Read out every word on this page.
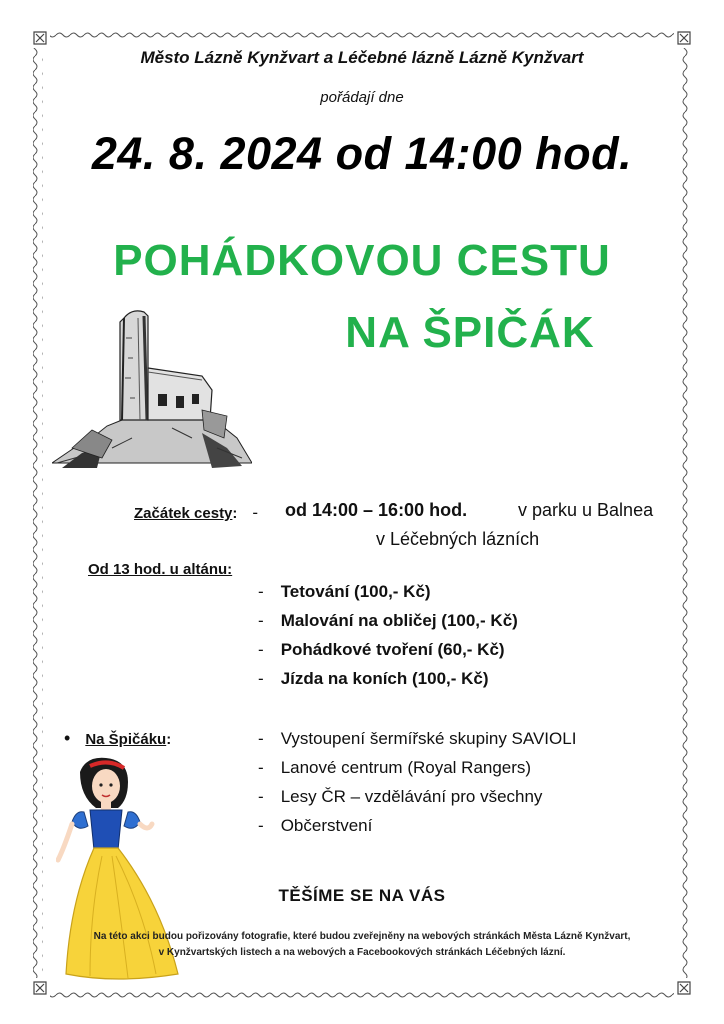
Město Lázně Kynžvart a Léčebné lázně Lázně Kynžvart
pořádají dne
24. 8. 2024 od 14:00 hod.
POHÁDKOVOU CESTU
NA ŠPIČÁK
Začátek cesty: - od 14:00 – 16:00 hod.	v parku u Balnea
v Léčebných lázních
Od 13 hod. u altánu:
- Tetování (100,- Kč)
- Malování na obličej (100,- Kč)
- Pohádkové tvoření (60,- Kč)
- Jízda na koních (100,- Kč)
• Na Špičáku:	- Vystoupení šermířské skupiny SAVIOLI
- Lanové centrum (Royal Rangers)
- Lesy ČR – vzdělávání pro všechny
- Občerstvení
TĚŠÍME SE NA VÁS
Na této akci budou pořizovány fotografie, které budou zveřejněny na webových stránkách Města Lázně Kynžvart,
v Kynžvartských listech a na webových a Facebookových stránkách Léčebných lázní.
